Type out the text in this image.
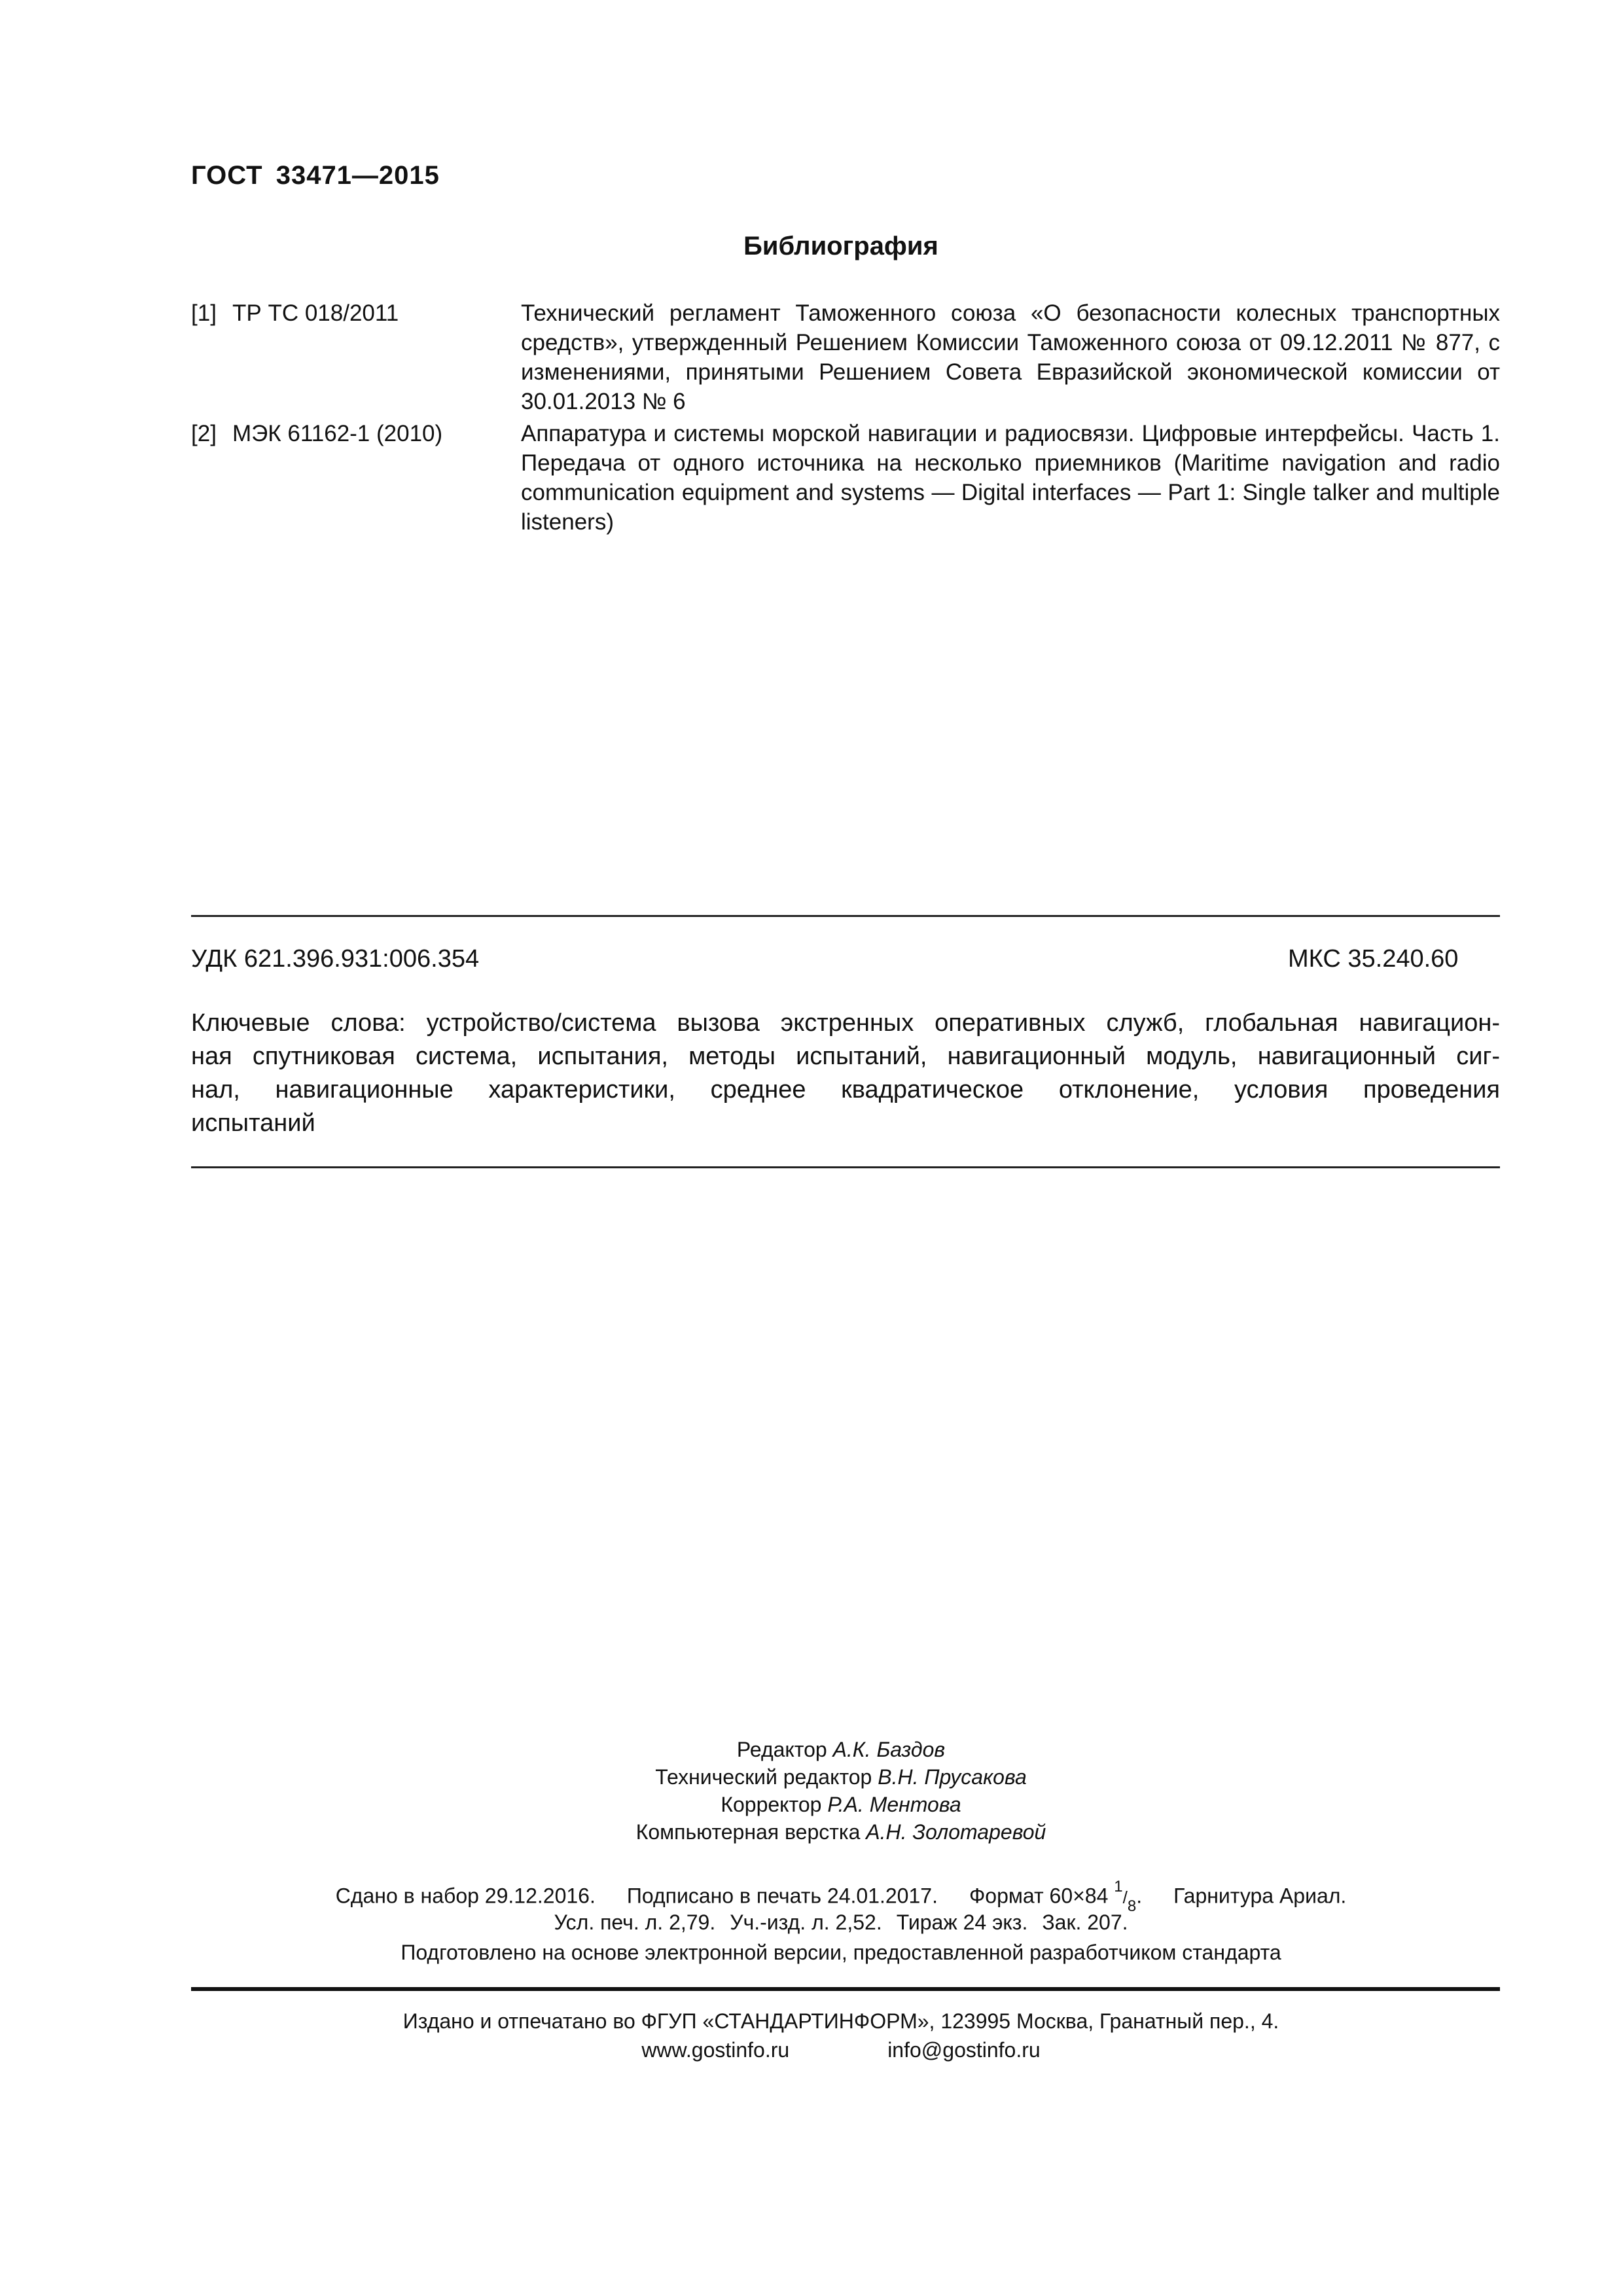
ГОСТ 33471—2015
Библиография
[1] ТР ТС 018/2011	Технический регламент Таможенного союза «О безопасности колесных транспортных средств», утвержденный Решением Комиссии Таможенного союза от 09.12.2011 № 877, с изменениями, принятыми Решением Совета Евразийской экономической комиссии от 30.01.2013 № 6
[2] МЭК 61162-1 (2010)	Аппаратура и системы морской навигации и радиосвязи. Цифровые интерфейсы. Часть 1. Передача от одного источника на несколько приемников (Maritime navigation and radio communication equipment and systems — Digital interfaces — Part 1: Single talker and multiple listeners)
УДК 621.396.931:006.354	МКС 35.240.60
Ключевые слова: устройство/система вызова экстренных оперативных служб, глобальная навигацион-
ная спутниковая система, испытания, методы испытаний, навигационный модуль, навигационный сиг-
нал, навигационные характеристики, среднее квадратическое отклонение, условия проведения
испытаний
Редактор А.К. Баздов
Технический редактор В.Н. Прусакова
Корректор Р.А. Ментова
Компьютерная верстка А.Н. Золотаревой
Сдано в набор 29.12.2016. Подписано в печать 24.01.2017. Формат 60×84 $^1/_8$. Гарнитура Ариал.
Усл. печ. л. 2,79. Уч.-изд. л. 2,52. Тираж 24 экз. Зак. 207.
Подготовлено на основе электронной версии, предоставленной разработчиком стандарта
Издано и отпечатано во ФГУП «СТАНДАРТИНФОРМ», 123995 Москва, Гранатный пер., 4.
www.gostinfo.ru	info@gostinfo.ru
